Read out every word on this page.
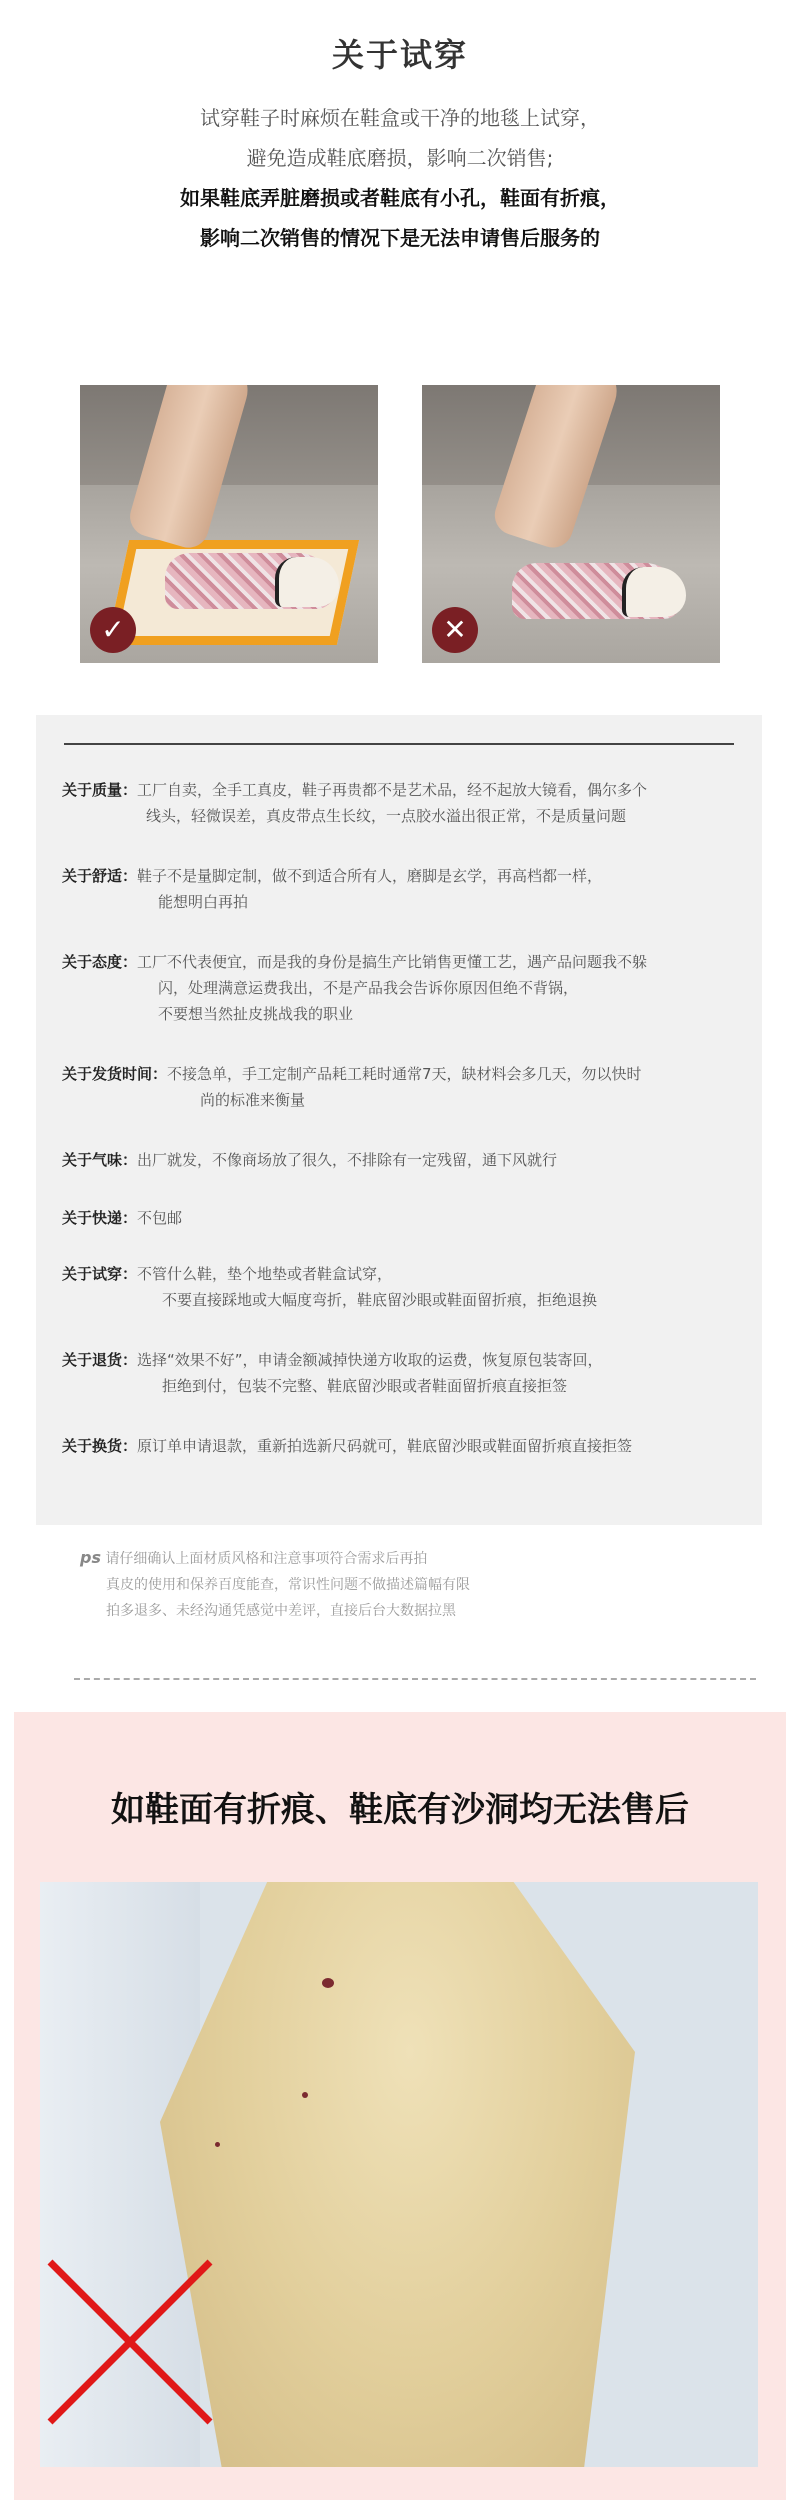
关于试穿

试穿鞋子时麻烦在鞋盒或干净的地毯上试穿，

避免造成鞋底磨损，影响二次销售;

如果鞋底弄脏磨损或者鞋底有小孔，鞋面有折痕，

影响二次销售的情况下是无法申请售后服务的

✓	✕
关于质量：工厂自卖，全手工真皮，鞋子再贵都不是艺术品，经不起放大镜看，偶尔多个
线头，轻微误差，真皮带点生长纹，一点胶水溢出很正常，不是质量问题
关于舒适：鞋子不是量脚定制，做不到适合所有人，磨脚是玄学，再高档都一样，
能想明白再拍
关于态度：工厂不代表便宜，而是我的身份是搞生产比销售更懂工艺，遇产品问题我不躲
闪，处理满意运费我出，不是产品我会告诉你原因但绝不背锅，
不要想当然扯皮挑战我的职业
关于发货时间：不接急单，手工定制产品耗工耗时通常7天，缺材料会多几天，勿以快时
尚的标准来衡量
关于气味：出厂就发，不像商场放了很久，不排除有一定残留，通下风就行
关于快递：不包邮
关于试穿：不管什么鞋，垫个地垫或者鞋盒试穿，
不要直接踩地或大幅度弯折，鞋底留沙眼或鞋面留折痕，拒绝退换
关于退货：选择“效果不好”，申请金额减掉快递方收取的运费，恢复原包装寄回，
拒绝到付，包装不完整、鞋底留沙眼或者鞋面留折痕直接拒签
关于换货：原订单申请退款，重新拍选新尺码就可，鞋底留沙眼或鞋面留折痕直接拒签
ps 请仔细确认上面材质风格和注意事项符合需求后再拍
真皮的使用和保养百度能查，常识性问题不做描述篇幅有限
拍多退多、未经沟通凭感觉中差评，直接后台大数据拉黑
如鞋面有折痕、鞋底有沙洞均无法售后
